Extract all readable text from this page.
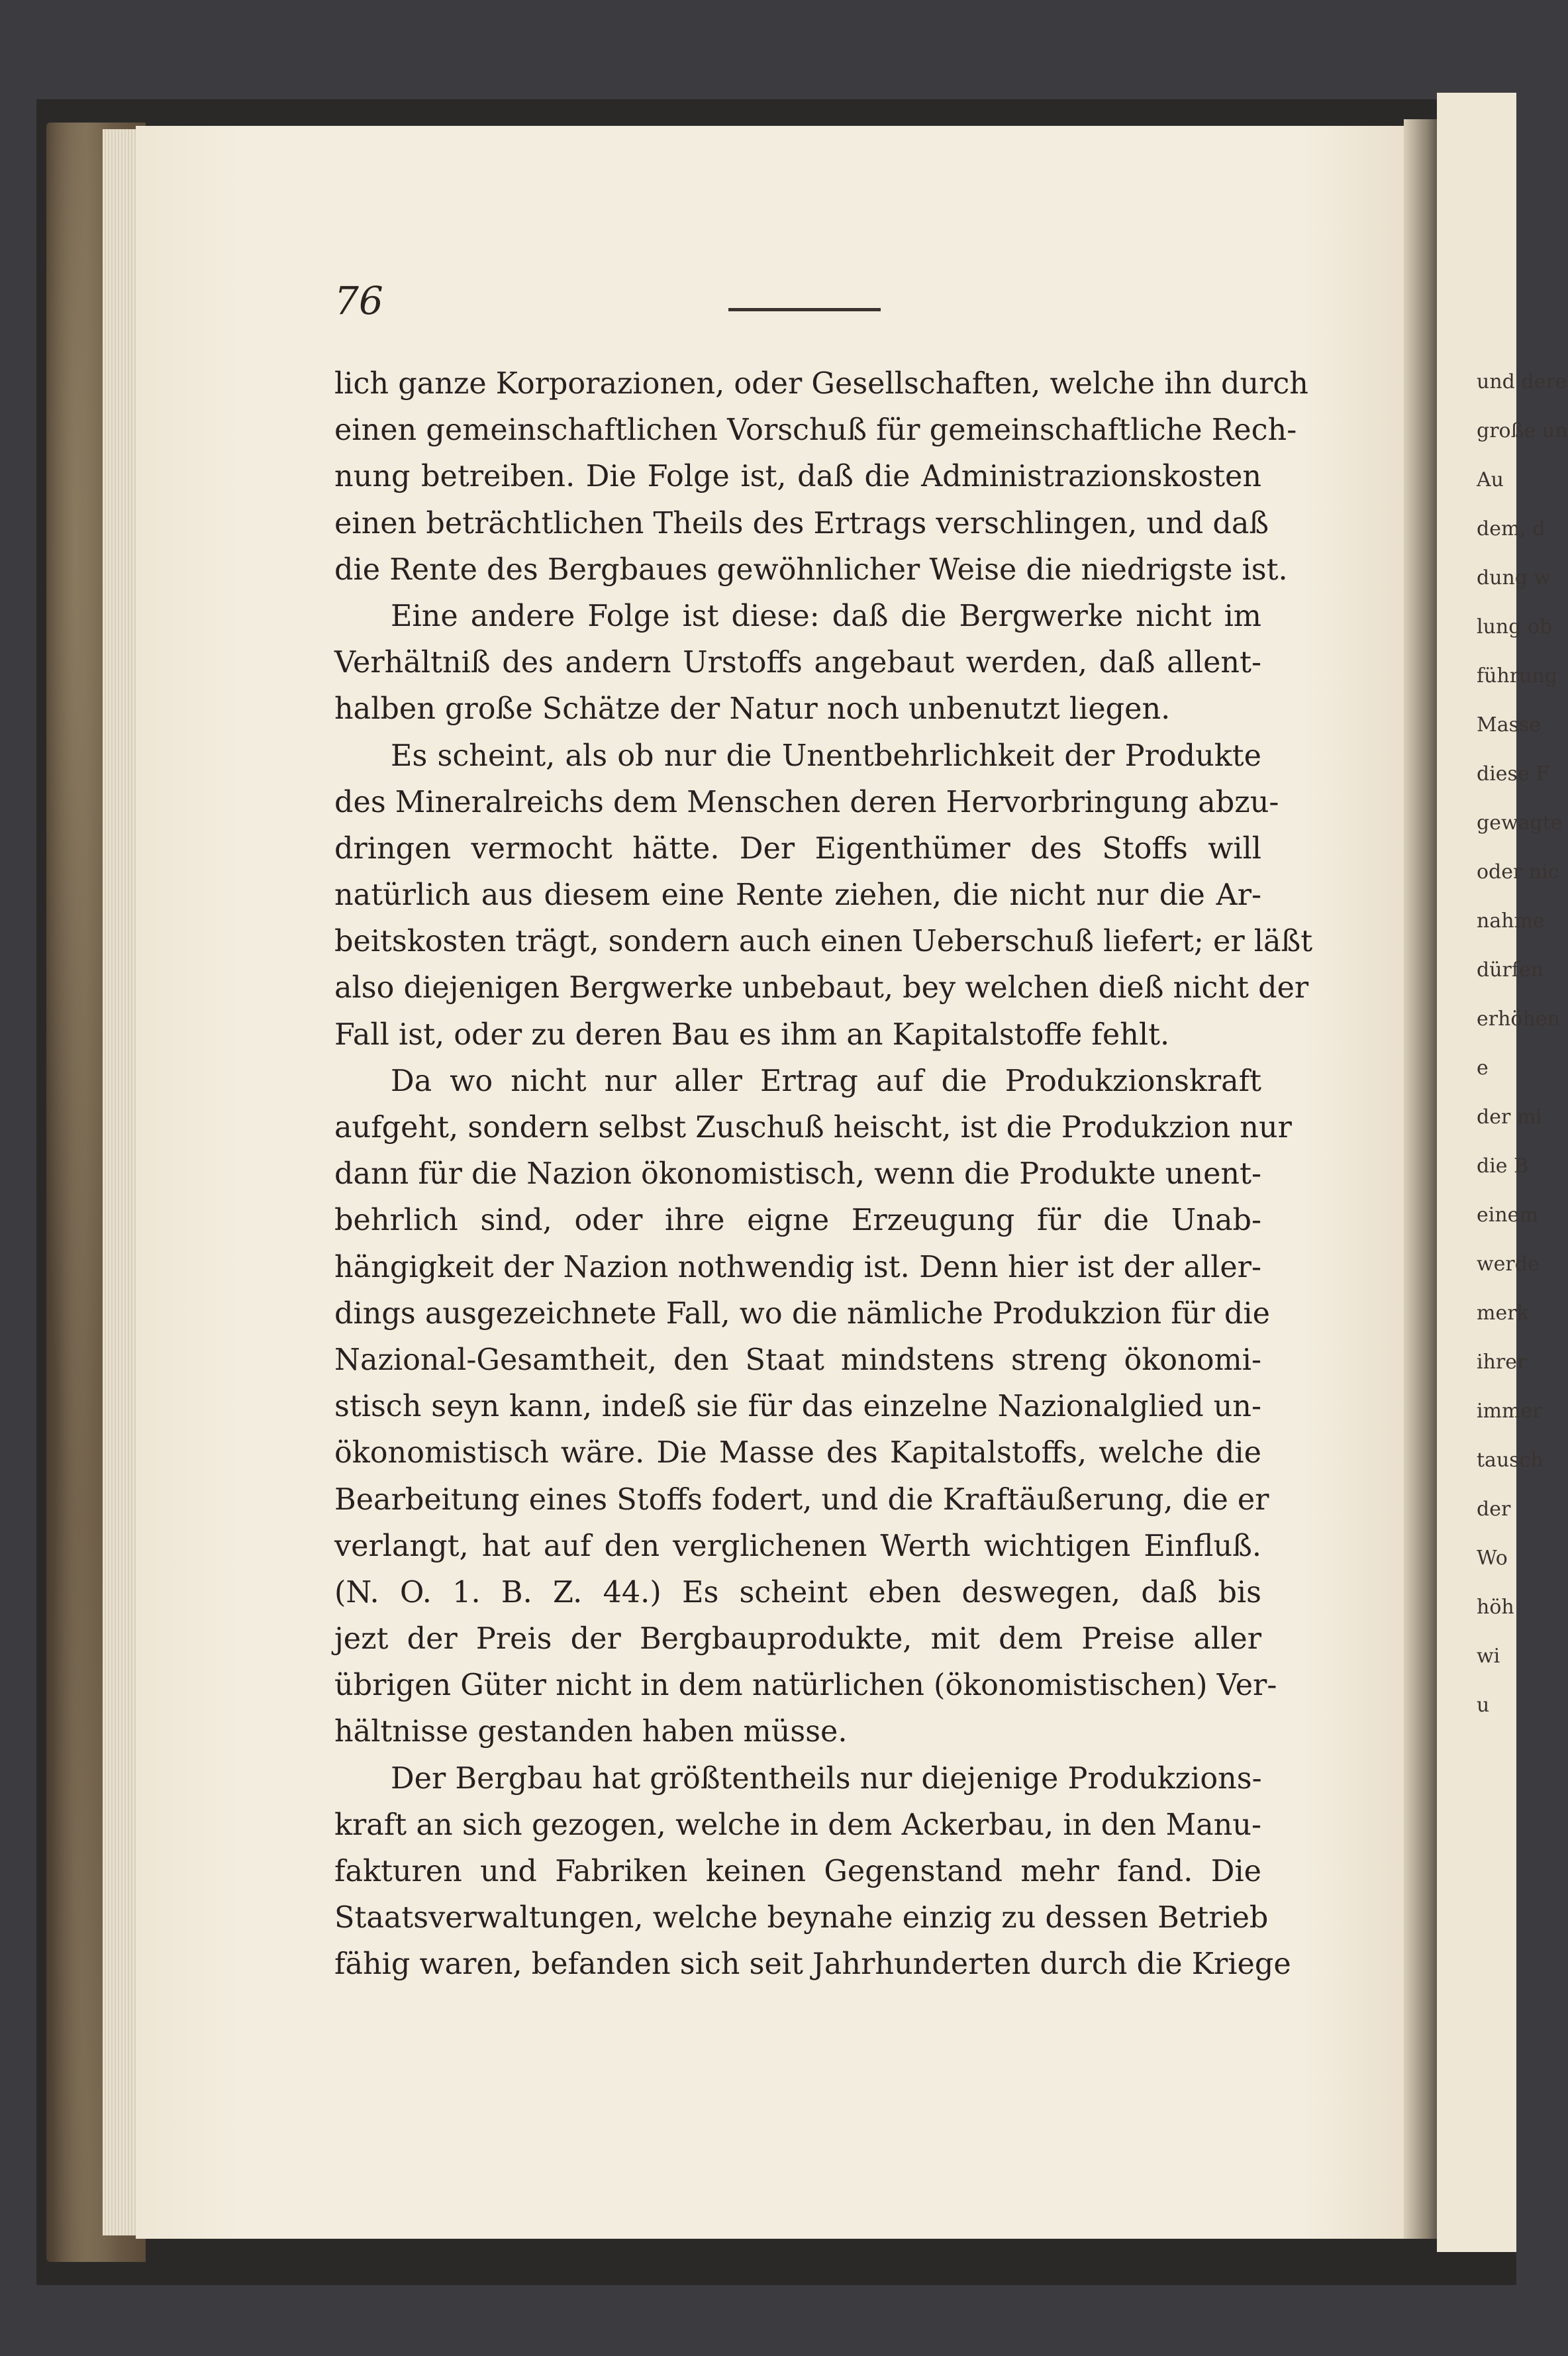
76
lich ganze Korporazionen, oder Gesellschaften, welche ihn durch
einen gemeinschaftlichen Vorschuß für gemeinschaftliche Rech-
nung betreiben. Die Folge ist, daß die Administrazionskosten
einen beträchtlichen Theils des Ertrags verschlingen, und daß
die Rente des Bergbaues gewöhnlicher Weise die niedrigste ist.
Eine andere Folge ist diese: daß die Bergwerke nicht im
Verhältniß des andern Urstoffs angebaut werden, daß allent-
halben große Schätze der Natur noch unbenutzt liegen.
Es scheint, als ob nur die Unentbehrlichkeit der Produkte
des Mineralreichs dem Menschen deren Hervorbringung abzu-
dringen vermocht hätte. Der Eigenthümer des Stoffs will
natürlich aus diesem eine Rente ziehen, die nicht nur die Ar-
beitskosten trägt, sondern auch einen Ueberschuß liefert; er läßt
also diejenigen Bergwerke unbebaut, bey welchen dieß nicht der
Fall ist, oder zu deren Bau es ihm an Kapitalstoffe fehlt.
Da wo nicht nur aller Ertrag auf die Produkzionskraft
aufgeht, sondern selbst Zuschuß heischt, ist die Produkzion nur
dann für die Nazion ökonomistisch, wenn die Produkte unent-
behrlich sind, oder ihre eigne Erzeugung für die Unab-
hängigkeit der Nazion nothwendig ist. Denn hier ist der aller-
dings ausgezeichnete Fall, wo die nämliche Produkzion für die
Nazional-Gesamtheit, den Staat mindstens streng ökonomi-
stisch seyn kann, indeß sie für das einzelne Nazionalglied un-
ökonomistisch wäre. Die Masse des Kapitalstoffs, welche die
Bearbeitung eines Stoffs fodert, und die Kraftäußerung, die er
verlangt, hat auf den verglichenen Werth wichtigen Einfluß.
(N. O. 1. B. Z. 44.) Es scheint eben deswegen, daß bis
jezt der Preis der Bergbauprodukte, mit dem Preise aller
übrigen Güter nicht in dem natürlichen (ökonomistischen) Ver-
hältnisse gestanden haben müsse.
Der Bergbau hat größtentheils nur diejenige Produkzions-
kraft an sich gezogen, welche in dem Ackerbau, in den Manu-
fakturen und Fabriken keinen Gegenstand mehr fand. Die
Staatsverwaltungen, welche beynahe einzig zu dessen Betrieb
fähig waren, befanden sich seit Jahrhunderten durch die Kriege
und dere
große un
Au
dem, d
dung w
lung ob
führung
Masse
diese F
gewagte
oder nic
nahme
dürfen
erhöhen
e
der mi
die B
einem
werde
merk
ihrer
immer
tausch
der
Wo
höh
wi
u
